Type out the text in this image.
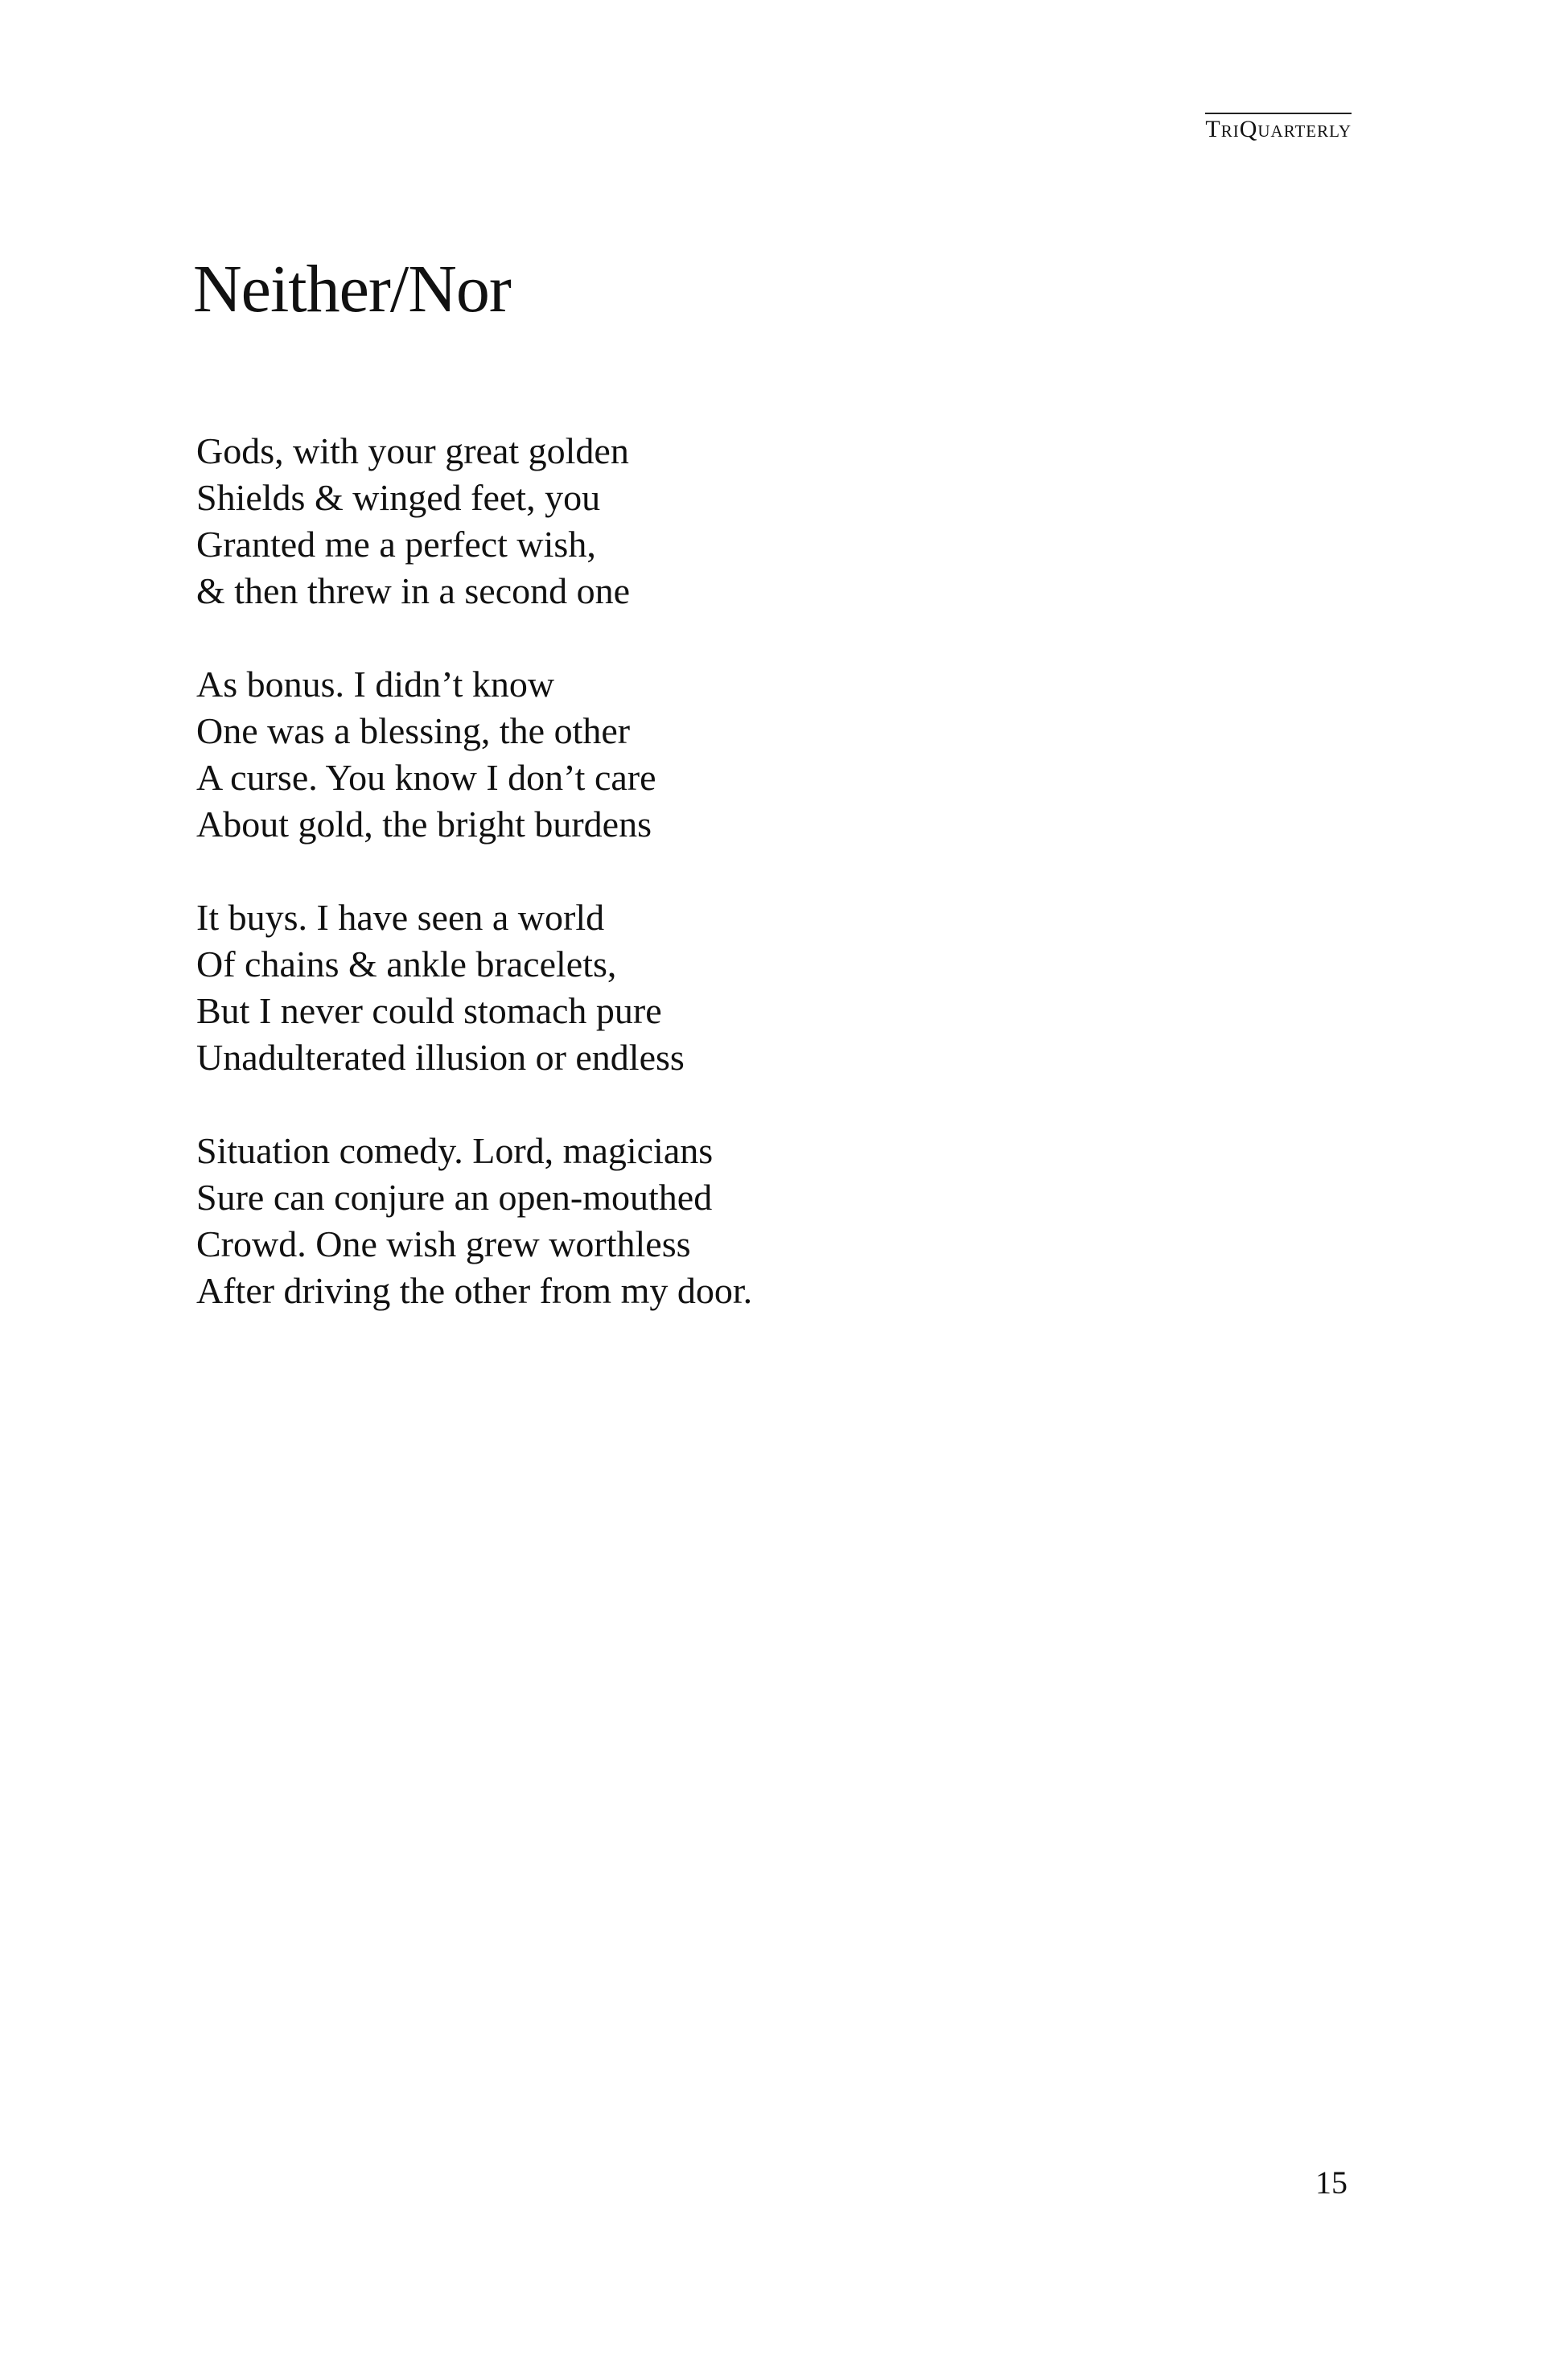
TriQuarterly
Neither/Nor
Gods, with your great golden
Shields & winged feet, you
Granted me a perfect wish,
& then threw in a second one
As bonus. I didn’t know
One was a blessing, the other
A curse. You know I don’t care
About gold, the bright burdens
It buys. I have seen a world
Of chains & ankle bracelets,
But I never could stomach pure
Unadulterated illusion or endless
Situation comedy. Lord, magicians
Sure can conjure an open-mouthed
Crowd. One wish grew worthless
After driving the other from my door.
15
